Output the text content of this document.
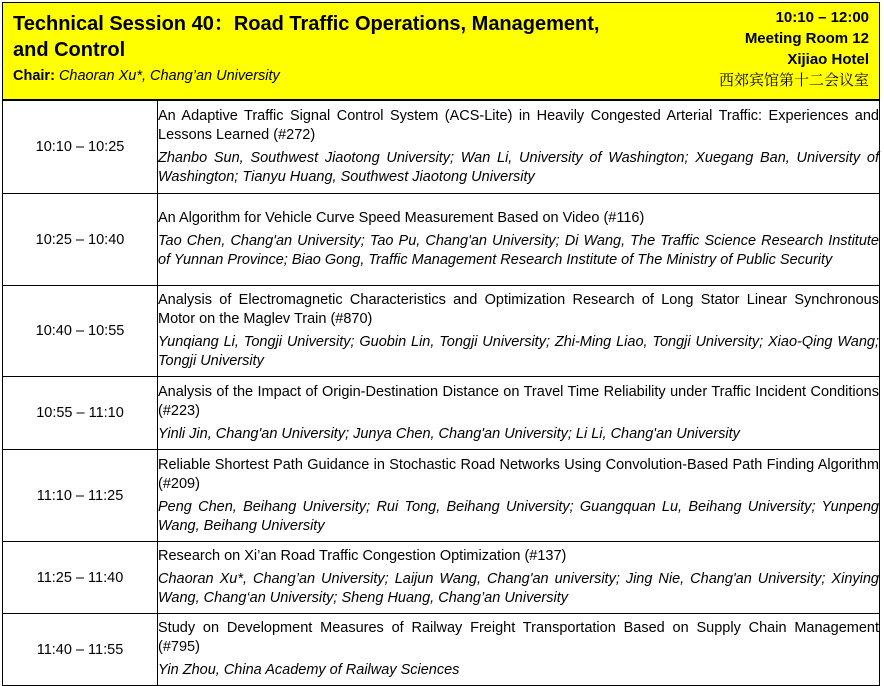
Technical Session 40：Road Traffic Operations, Management, and Control
Chair: Chaoran Xu*, Chang’an University
10:10 – 12:00
Meeting Room 12
Xijiao Hotel
西郊宾馆第十二会议室
10:10 – 10:25	An Adaptive Traffic Signal Control System (ACS-Lite) in Heavily Congested Arterial Traffic: Experiences and Lessons Learned (#272)
Zhanbo Sun, Southwest Jiaotong University; Wan Li, University of Washington; Xuegang Ban, University of Washington; Tianyu Huang, Southwest Jiaotong University

10:25 – 10:40	An Algorithm for Vehicle Curve Speed Measurement Based on Video (#116)
Tao Chen, Chang'an University; Tao Pu, Chang'an University; Di Wang, The Traffic Science Research Institute of Yunnan Province; Biao Gong, Traffic Management Research Institute of The Ministry of Public Security

10:40 – 10:55	Analysis of Electromagnetic Characteristics and Optimization Research of Long Stator Linear Synchronous Motor on the Maglev Train (#870)
Yunqiang Li, Tongji University; Guobin Lin, Tongji University; Zhi-Ming Liao, Tongji University; Xiao-Qing Wang; Tongji University

10:55 – 11:10	Analysis of the Impact of Origin-Destination Distance on Travel Time Reliability under Traffic Incident Conditions (#223)
Yinli Jin, Chang'an University; Junya Chen, Chang'an University; Li Li, Chang'an University

11:10 – 11:25	Reliable Shortest Path Guidance in Stochastic Road Networks Using Convolution-Based Path Finding Algorithm (#209)
Peng Chen, Beihang University; Rui Tong, Beihang University; Guangquan Lu, Beihang University; Yunpeng Wang, Beihang University

11:25 – 11:40	Research on Xi’an Road Traffic Congestion Optimization (#137)
Chaoran Xu*, Chang’an University; Laijun Wang, Chang'an university; Jing Nie, Chang'an University; Xinying Wang, Chang‘an University; Sheng Huang, Chang’an University

11:40 – 11:55	Study on Development Measures of Railway Freight Transportation Based on Supply Chain Management (#795)
Yin Zhou, China Academy of Railway Sciences
